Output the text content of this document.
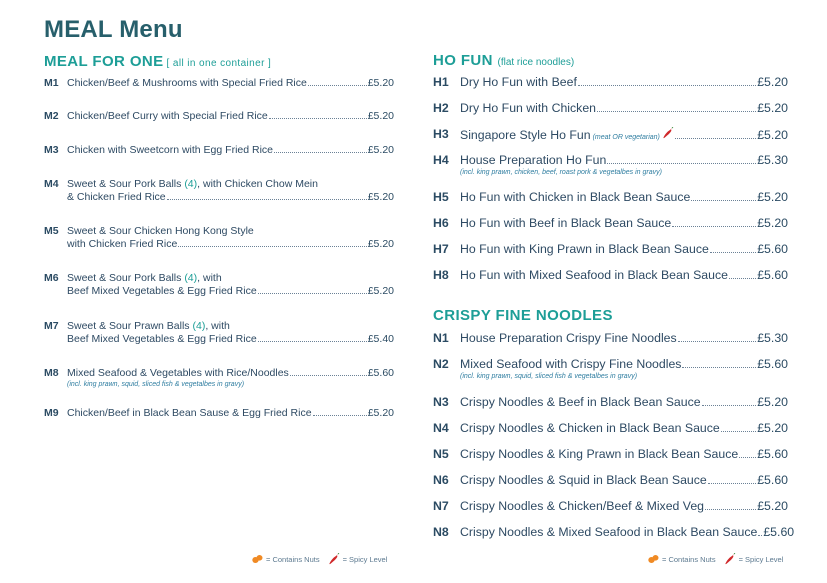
MEAL Menu
MEAL FOR ONE [ all in one container ]
M1 Chicken/Beef & Mushrooms with Special Fried Rice	£5.20
M2 Chicken/Beef Curry with Special Fried Rice	£5.20
M3 Chicken with Sweetcorn with Egg Fried Rice	£5.20
M4 Sweet & Sour Pork Balls (4), with Chicken Chow Mein
& Chicken Fried Rice	£5.20
M5 Sweet & Sour Chicken Hong Kong Style
with Chicken Fried Rice	£5.20
M6 Sweet & Sour Pork Balls (4), with
Beef Mixed Vegetables & Egg Fried Rice	£5.20
M7 Sweet & Sour Prawn Balls (4), with
Beef Mixed Vegetables & Egg Fried Rice	£5.40
M8 Mixed Seafood & Vegetables with Rice/Noodles	£5.60
(incl. king prawn, squid, sliced fish & vegetalbes in gravy)
M9 Chicken/Beef in Black Bean Sause & Egg Fried Rice	£5.20
= Contains Nuts	= Spicy Level
HO FUN (flat rice noodles)
H1 Dry Ho Fun with Beef	£5.20
H2 Dry Ho Fun with Chicken	£5.20
H3 Singapore Style Ho Fun (meat OR vegetarian)	£5.20
H4 House Preparation Ho Fun	£5.30
(incl. king prawn, chicken, beef, roast pork & vegetalbes in gravy)
H5 Ho Fun with Chicken in Black Bean Sauce	£5.20
H6 Ho Fun with Beef in Black Bean Sauce	£5.20
H7 Ho Fun with King Prawn in Black Bean Sauce	£5.60
H8 Ho Fun with Mixed Seafood in Black Bean Sauce £5.60
CRISPY FINE NOODLES
N1 House Preparation Crispy Fine Noodles	£5.30
N2 Mixed Seafood with Crispy Fine Noodles	£5.60
(incl. king prawn, squid, sliced fish & vegetalbes in gravy)
N3 Crispy Noodles & Beef in Black Bean Sauce	£5.20
N4 Crispy Noodles & Chicken in Black Bean Sauce	£5.20
N5 Crispy Noodles & King Prawn in Black Bean Sauce £5.60
N6 Crispy Noodles & Squid in Black Bean Sauce	£5.60
N7 Crispy Noodles & Chicken/Beef & Mixed Veg	£5.20
N8 Crispy Noodles & Mixed Seafood in Black Bean Sauce £5.60
= Contains Nuts	= Spicy Level
